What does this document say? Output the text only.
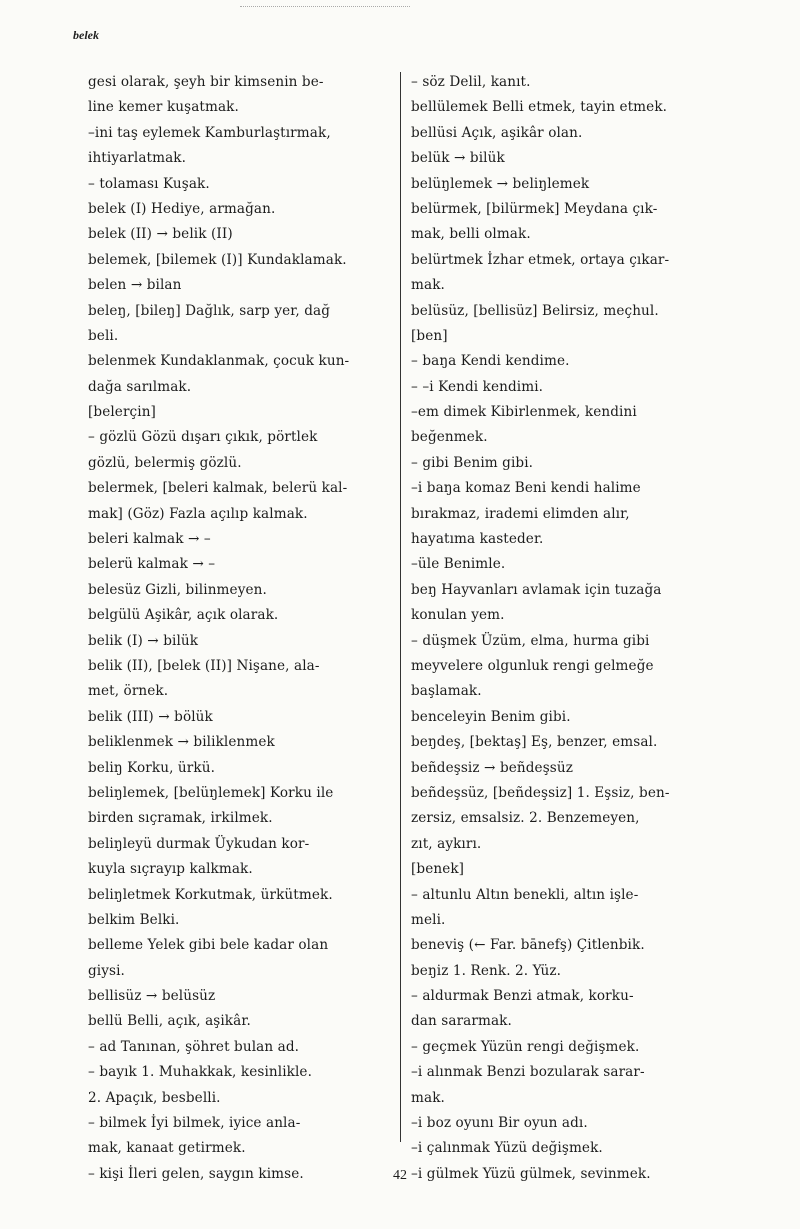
belek
gesi olarak, şeyh bir kimsenin be-
line kemer kuşatmak.
–ini taş eylemek Kamburlaştırmak,
ihtiyarlatmak.
– tolaması Kuşak.
belek (I) Hediye, armağan.
belek (II) → belik (II)
belemek, [bilemek (I)] Kundaklamak.
belen → bilan
beleŋ, [bileŋ] Dağlık, sarp yer, dağ
beli.
belenmek Kundaklanmak, çocuk kun-
dağa sarılmak.
[belerçin]
– gözlü Gözü dışarı çıkık, pörtlek
gözlü, belermiş gözlü.
belermek, [beleri kalmak, belerü kal-
mak] (Göz) Fazla açılıp kalmak.
beleri kalmak → –
belerü kalmak → –
belesüz Gizli, bilinmeyen.
belgülü Aşikâr, açık olarak.
belik (I) → bilük
belik (II), [belek (II)] Nişane, ala-
met, örnek.
belik (III) → bölük
beliklenmek → biliklenmek
beliŋ Korku, ürkü.
beliŋlemek, [belüŋlemek] Korku ile
birden sıçramak, irkilmek.
beliŋleyü durmak Üykudan kor-
kuyla sıçrayıp kalkmak.
beliŋletmek Korkutmak, ürkütmek.
belkim Belki.
belleme Yelek gibi bele kadar olan
giysi.
bellisüz → belüsüz
bellü Belli, açık, aşikâr.
– ad Tanınan, şöhret bulan ad.
– bayık 1. Muhakkak, kesinlikle.
2. Apaçık, besbelli.
– bilmek İyi bilmek, iyice anla-
mak, kanaat getirmek.
– kişi İleri gelen, saygın kimse.
– söz Delil, kanıt.
bellülemek Belli etmek, tayin etmek.
bellüsi Açık, aşikâr olan.
belük → bilük
belüŋlemek → beliŋlemek
belürmek, [bilürmek] Meydana çık-
mak, belli olmak.
belürtmek İzhar etmek, ortaya çıkar-
mak.
belüsüz, [bellisüz] Belirsiz, meçhul.
[ben]
– baŋa Kendi kendime.
– –i Kendi kendimi.
–em dimek Kibirlenmek, kendini
beğenmek.
– gibi Benim gibi.
–i baŋa komaz Beni kendi halime
bırakmaz, irademi elimden alır,
hayatıma kasteder.
–üle Benimle.
beŋ Hayvanları avlamak için tuzağa
konulan yem.
– düşmek Üzüm, elma, hurma gibi
meyvelere olgunluk rengi gelmeğe
başlamak.
benceleyin Benim gibi.
beŋdeş, [bektaş] Eş, benzer, emsal.
beñdeşsiz → beñdeşsüz
beñdeşsüz, [beñdeşsiz] 1. Eşsiz, ben-
zersiz, emsalsiz. 2. Benzemeyen,
zıt, aykırı.
[benek]
– altunlu Altın benekli, altın işle-
meli.
beneviş (← Far. bānefş) Çitlenbik.
beŋiz 1. Renk. 2. Yüz.
– aldurmak Benzi atmak, korku-
dan sararmak.
– geçmek Yüzün rengi değişmek.
–i alınmak Benzi bozularak sarar-
mak.
–i boz oyunı Bir oyun adı.
–i çalınmak Yüzü değişmek.
–i gülmek Yüzü gülmek, sevinmek.
42
